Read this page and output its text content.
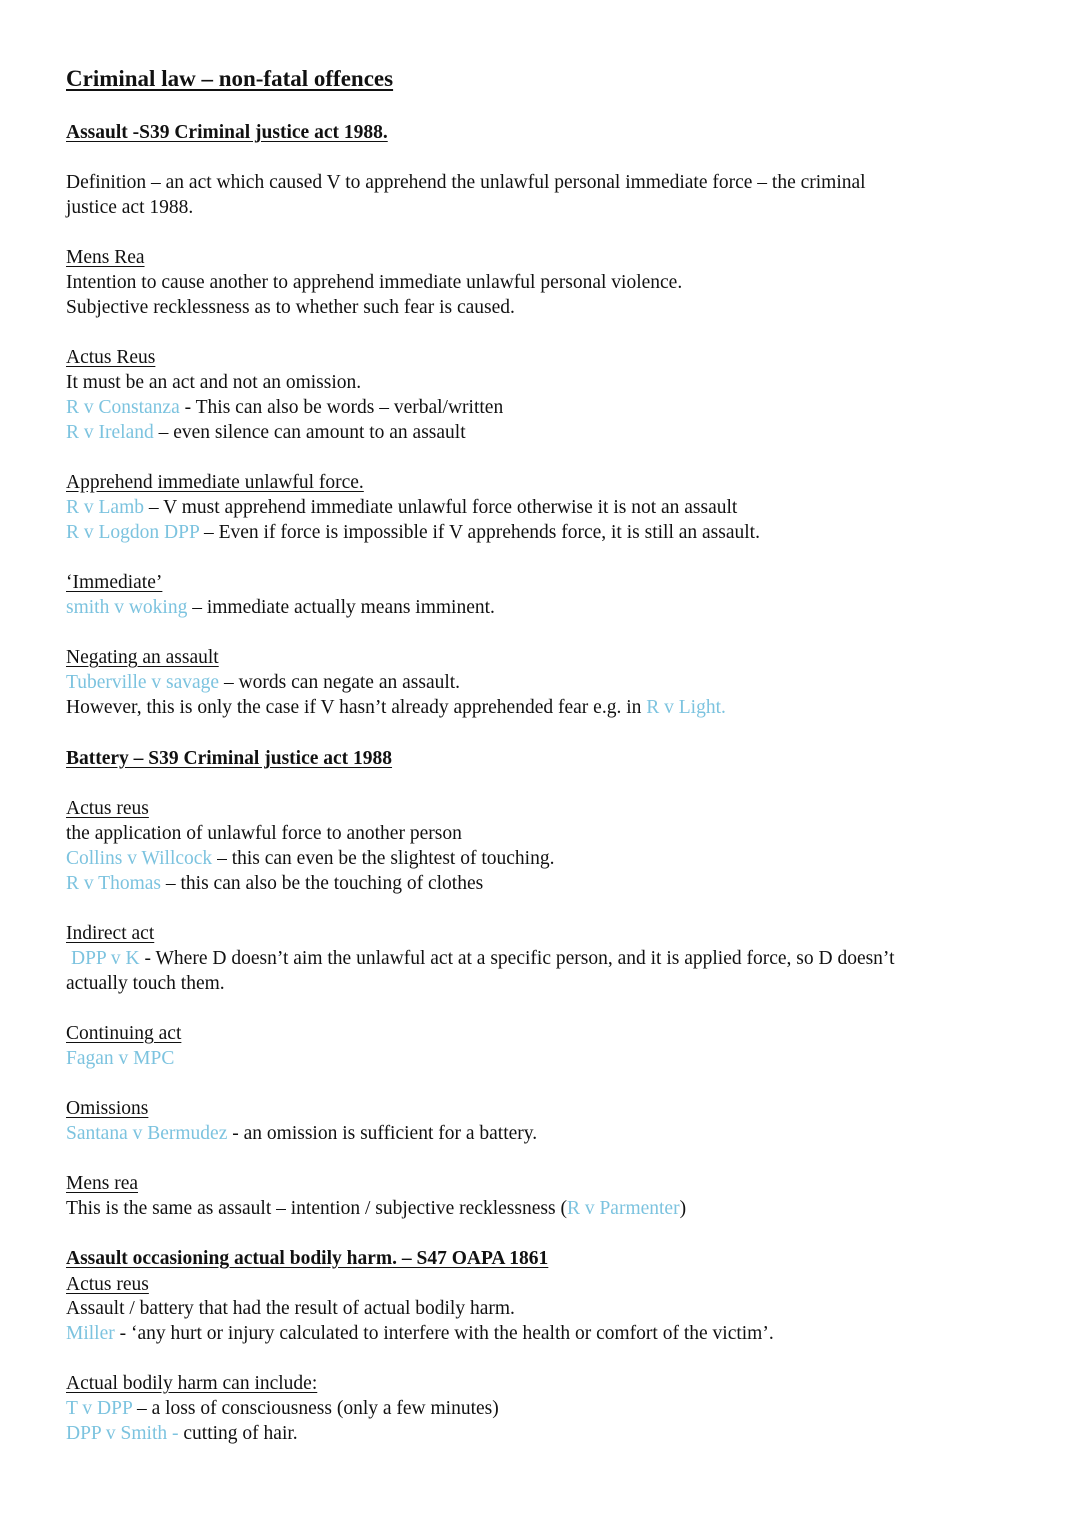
Criminal law – non-fatal offences
Assault -S39 Criminal justice act 1988.
Definition – an act which caused V to apprehend the unlawful personal immediate force – the criminal
justice act 1988.
Mens Rea
Intention to cause another to apprehend immediate unlawful personal violence.
Subjective recklessness as to whether such fear is caused.
Actus Reus
It must be an act and not an omission.
R v Constanza - This can also be words – verbal/written
R v Ireland – even silence can amount to an assault
Apprehend immediate unlawful force.
R v Lamb – V must apprehend immediate unlawful force otherwise it is not an assault
R v Logdon DPP – Even if force is impossible if V apprehends force, it is still an assault.
‘Immediate’
smith v woking – immediate actually means imminent.
Negating an assault
Tuberville v savage – words can negate an assault.
However, this is only the case if V hasn’t already apprehended fear e.g. in R v Light.
Battery – S39 Criminal justice act 1988
Actus reus
the application of unlawful force to another person
Collins v Willcock – this can even be the slightest of touching.
R v Thomas – this can also be the touching of clothes
Indirect act
DPP v K - Where D doesn’t aim the unlawful act at a specific person, and it is applied force, so D doesn’t
actually touch them.
Continuing act
Fagan v MPC
Omissions
Santana v Bermudez - an omission is sufficient for a battery.
Mens rea
This is the same as assault – intention / subjective recklessness (R v Parmenter)
Assault occasioning actual bodily harm. – S47 OAPA 1861
Actus reus
Assault / battery that had the result of actual bodily harm.
Miller - ‘any hurt or injury calculated to interfere with the health or comfort of the victim’.
Actual bodily harm can include:
T v DPP – a loss of consciousness (only a few minutes)
DPP v Smith - cutting of hair.
